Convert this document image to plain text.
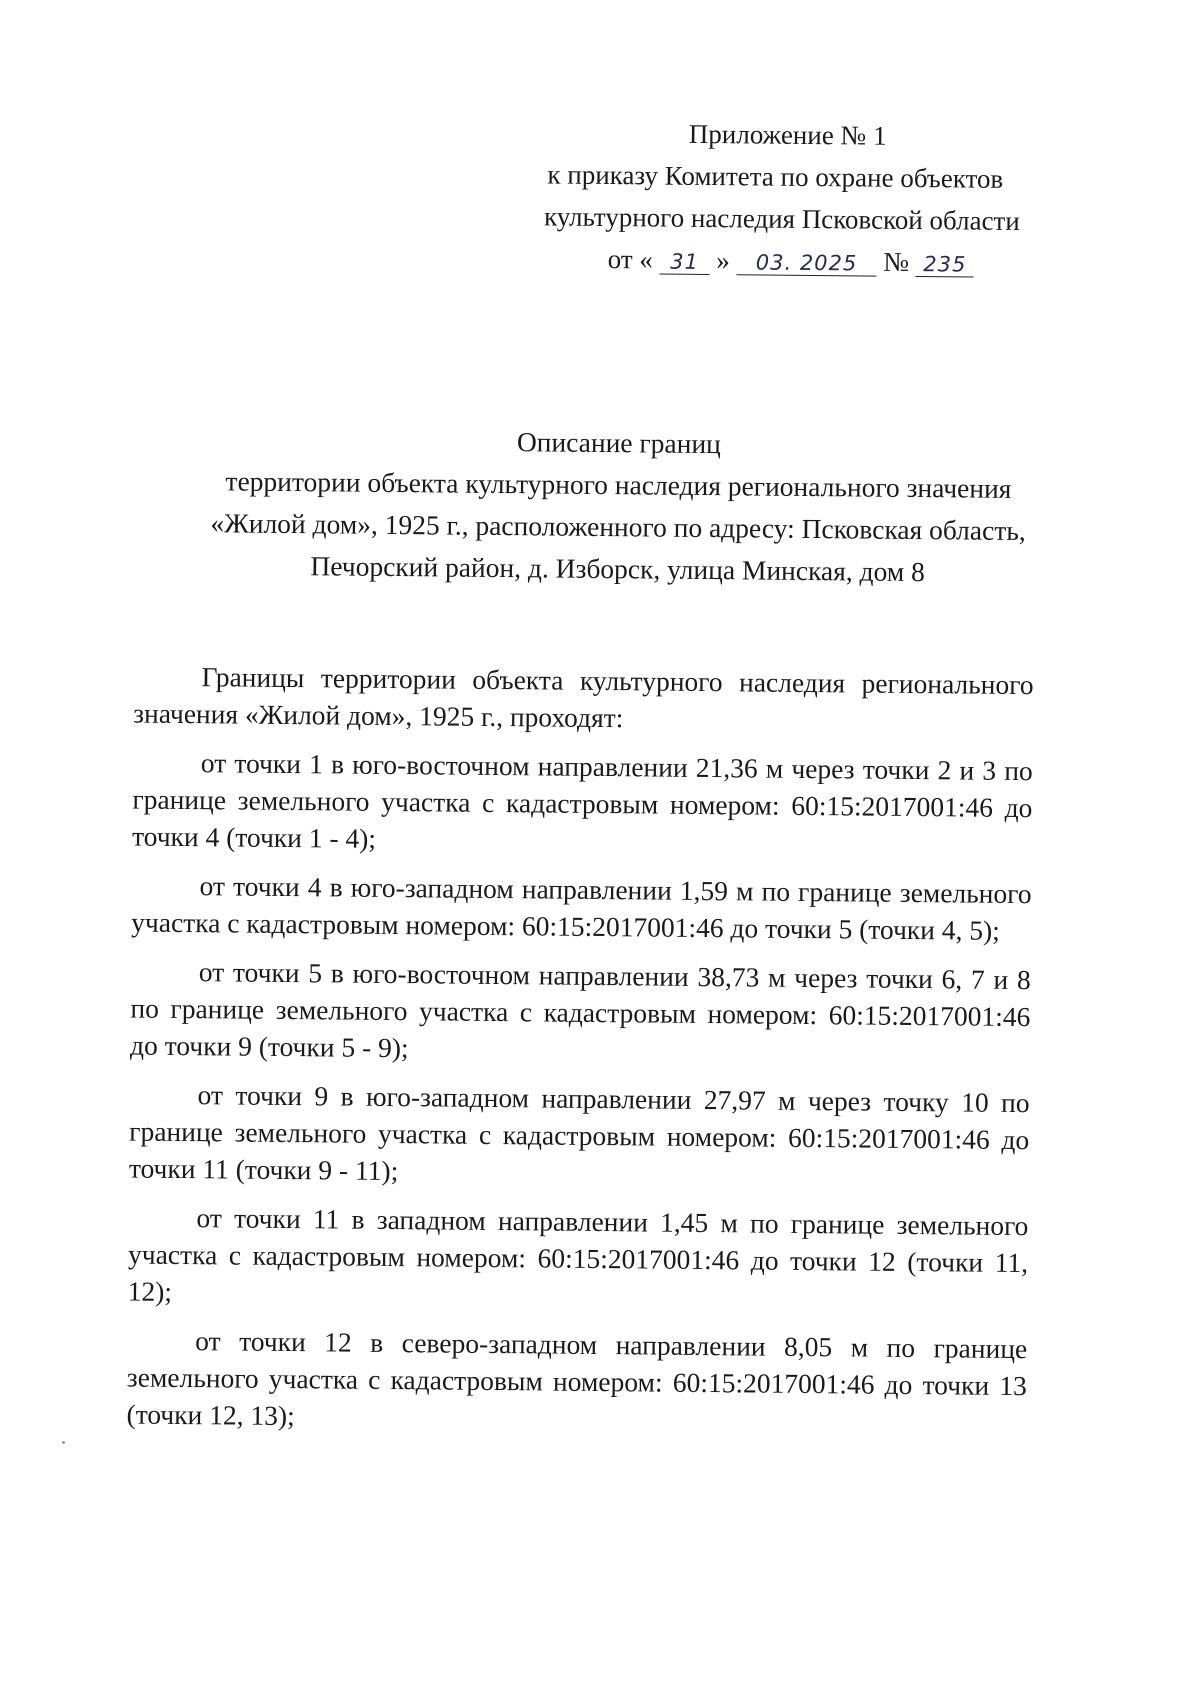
Приложение № 1
к приказу Комитета по охране объектов
культурного наследия Псковской области
от « 31 » 03. 2025 № 235
Описание границ
территории объекта культурного наследия регионального значения
«Жилой дом», 1925 г., расположенного по адресу: Псковская область,
Печорский район, д. Изборск, улица Минская, дом 8

Границы территории объекта культурного наследия регионального значения «Жилой дом», 1925 г., проходят:

от точки 1 в юго-восточном направлении 21,36 м через точки 2 и 3 по границе земельного участка с кадастровым номером: 60:15:2017001:46 до точки 4 (точки 1 - 4);

от точки 4 в юго-западном направлении 1,59 м по границе земельного участка с кадастровым номером: 60:15:2017001:46 до точки 5 (точки 4, 5);

от точки 5 в юго-восточном направлении 38,73 м через точки 6, 7 и 8 по границе земельного участка с кадастровым номером: 60:15:2017001:46 до точки 9 (точки 5 - 9);

от точки 9 в юго-западном направлении 27,97 м через точку 10 по границе земельного участка с кадастровым номером: 60:15:2017001:46 до точки 11 (точки 9 - 11);

от точки 11 в западном направлении 1,45 м по границе земельного участка с кадастровым номером: 60:15:2017001:46 до точки 12 (точки 11, 12);

от точки 12 в северо-западном направлении 8,05 м по границе земельного участка с кадастровым номером: 60:15:2017001:46 до точки 13 (точки 12, 13);
